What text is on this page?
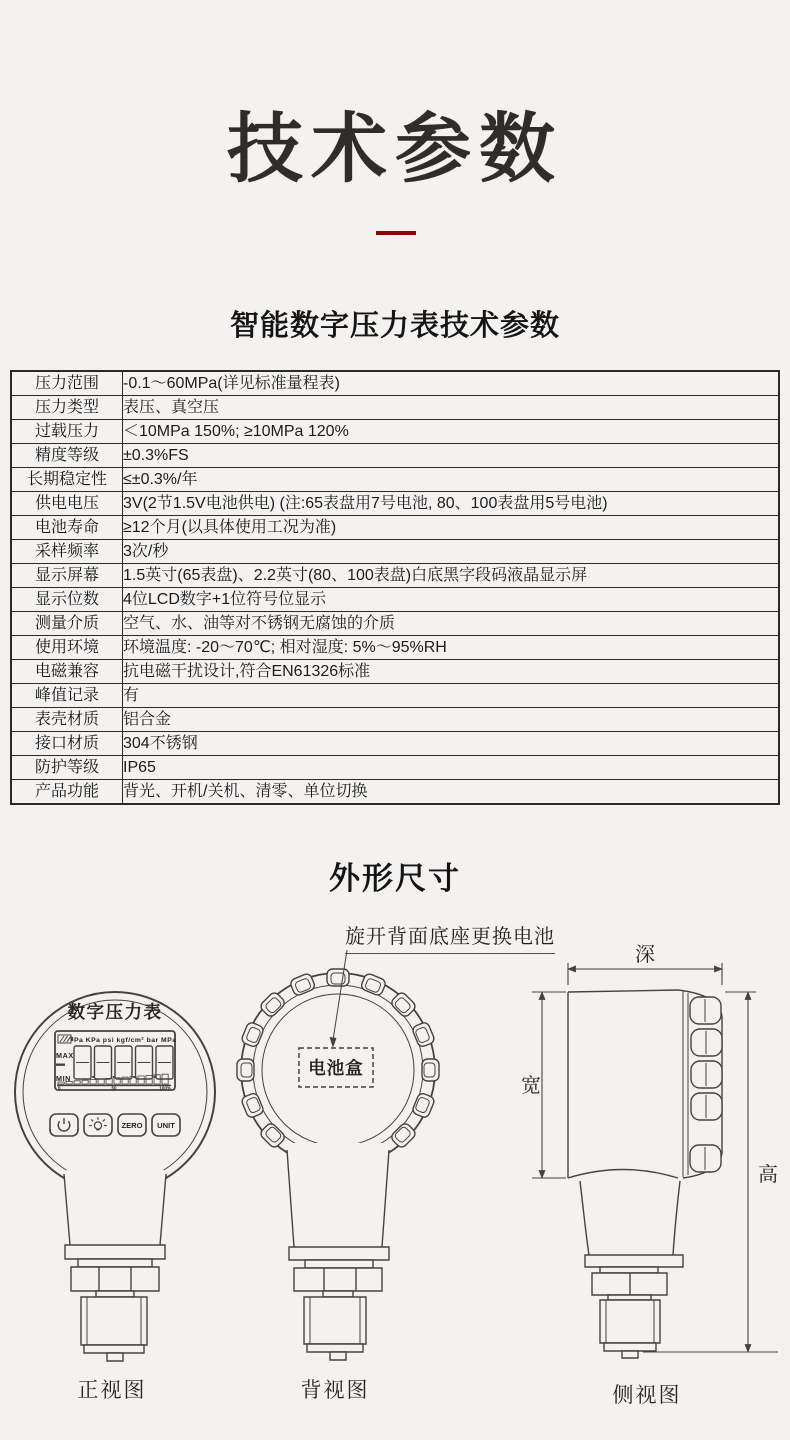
技术参数
智能数字压力表技术参数
压力范围	-0.1～60MPa(详见标准量程表)
压力类型	表压、真空压
过载压力	＜10MPa 150%; ≥10MPa 120%
精度等级	±0.3%FS
长期稳定性	≤±0.3%/年
供电电压	3V(2节1.5V电池供电) (注:65表盘用7号电池, 80、100表盘用5号电池)
电池寿命	≥12个月(以具体使用工况为准)
采样频率	3次/秒
显示屏幕	1.5英寸(65表盘)、2.2英寸(80、100表盘)白底黑字段码液晶显示屏
显示位数	4位LCD数字+1位符号位显示
测量介质	空气、水、油等对不锈钢无腐蚀的介质
使用环境	环境温度: -20～70℃; 相对湿度: 5%～95%RH
电磁兼容	抗电磁干扰设计,符合EN61326标准
峰值记录	有
表壳材质	铝合金
接口材质	304不锈钢
防护等级	IP65
产品功能	背光、开机/关机、清零、单位切换
外形尺寸
旋开背面底座更换电池
数字压力表
Pa KPa psi kgf/cm² bar MPa
MAX
MIN
0	50	100%
ZERO UNIT
电池盒
深
宽
高
正视图	背视图	侧视图
